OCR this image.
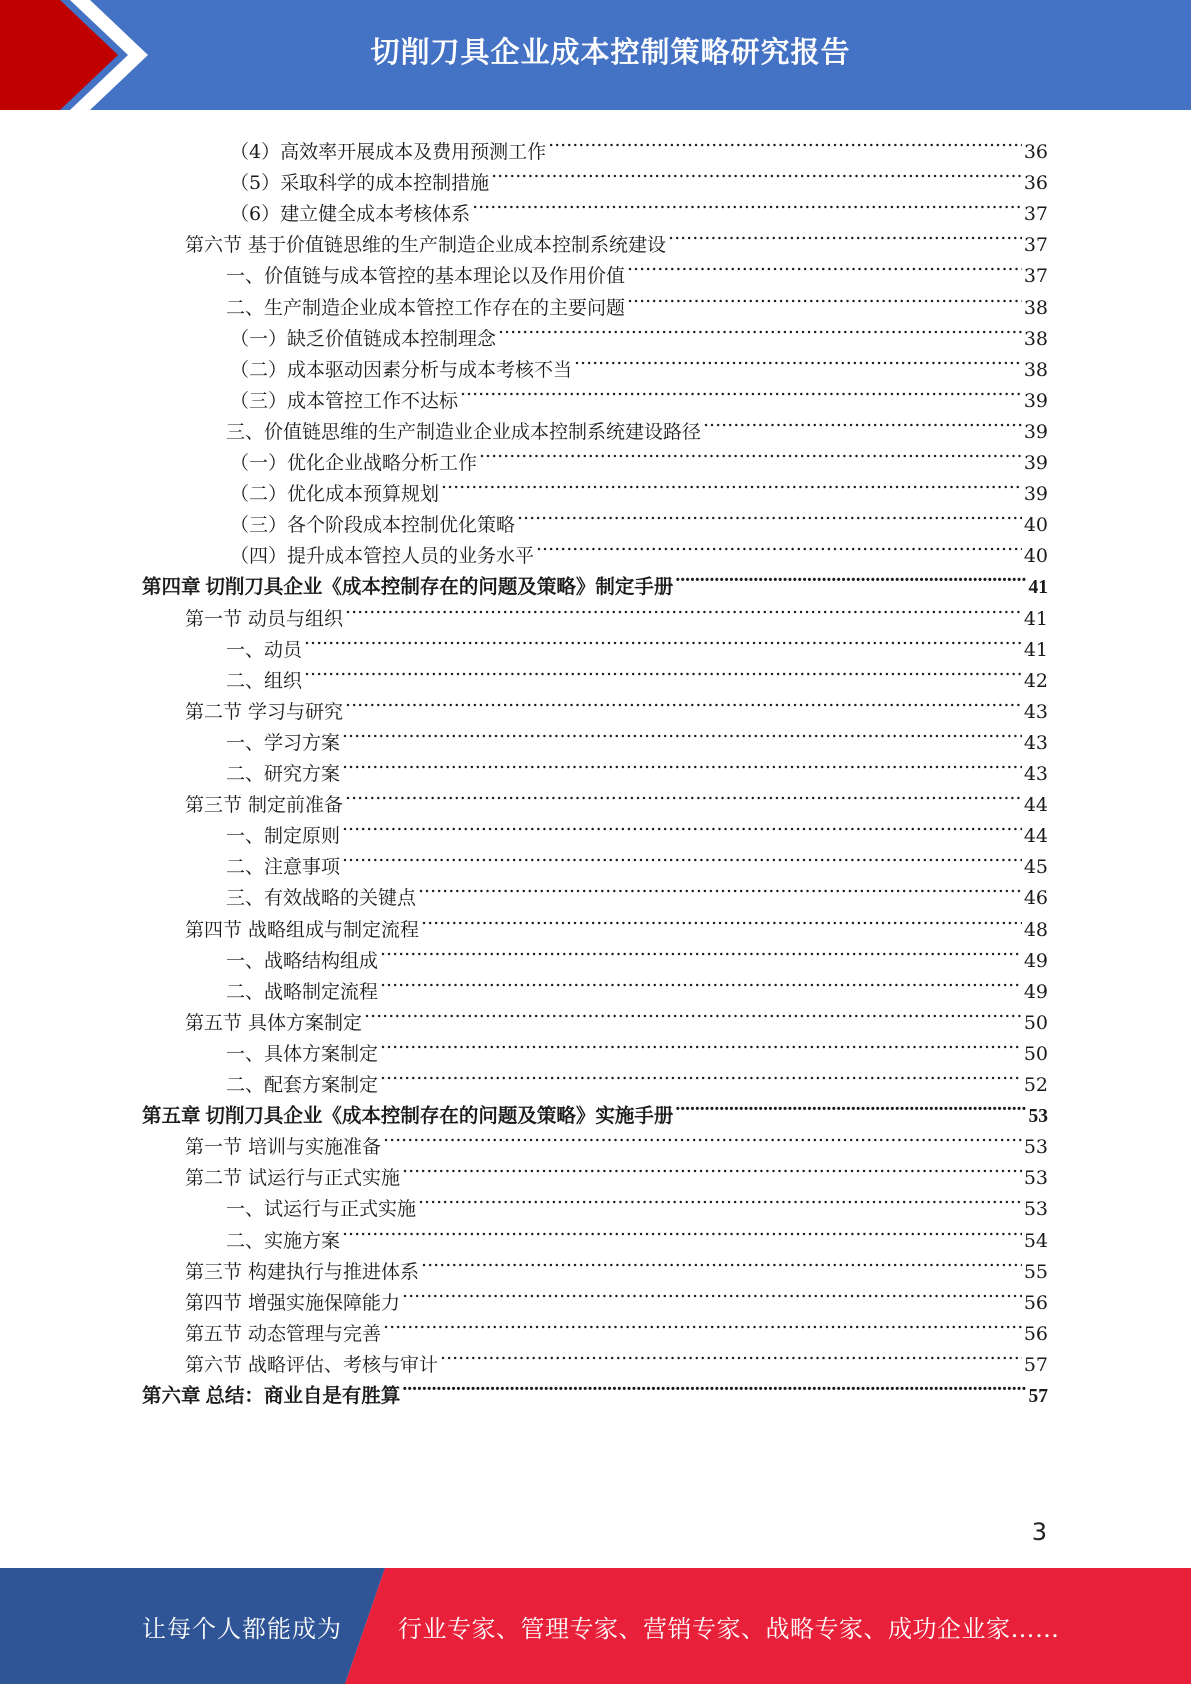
切削刀具企业成本控制策略研究报告
（4）高效率开展成本及费用预测工作 .....	36
（5）采取科学的成本控制措施 .....	36
（6）建立健全成本考核体系 .....	37
第六节 基于价值链思维的生产制造企业成本控制系统建设 .....	37
一、价值链与成本管控的基本理论以及作用价值 .....	37
二、生产制造企业成本管控工作存在的主要问题 .....	38
（一）缺乏价值链成本控制理念 .....	38
（二）成本驱动因素分析与成本考核不当 .....	38
（三）成本管控工作不达标 .....	39
三、价值链思维的生产制造业企业成本控制系统建设路径 .....	39
（一）优化企业战略分析工作 .....	39
（二）优化成本预算规划 .....	39
（三）各个阶段成本控制优化策略 .....	40
（四）提升成本管控人员的业务水平 .....	40
第四章 切削刀具企业《成本控制存在的问题及策略》制定手册 .....	41
第一节 动员与组织 .....	41
一、动员 .....	41
二、组织 .....	42
第二节 学习与研究 .....	43
一、学习方案 .....	43
二、研究方案 .....	43
第三节 制定前准备 .....	44
一、制定原则 .....	44
二、注意事项 .....	45
三、有效战略的关键点 .....	46
第四节 战略组成与制定流程 .....	48
一、战略结构组成 .....	49
二、战略制定流程 .....	49
第五节 具体方案制定 .....	50
一、具体方案制定 .....	50
二、配套方案制定 .....	52
第五章 切削刀具企业《成本控制存在的问题及策略》实施手册 .....	53
第一节 培训与实施准备 .....	53
第二节 试运行与正式实施 .....	53
一、试运行与正式实施 .....	53
二、实施方案 .....	54
第三节 构建执行与推进体系 .....	55
第四节 增强实施保障能力 .....	56
第五节 动态管理与完善 .....	56
第六节 战略评估、考核与审计 .....	57
第六章 总结：商业自是有胜算 .....	57
3
让每个人都能成为 行业专家、管理专家、营销专家、战略专家、成功企业家……
